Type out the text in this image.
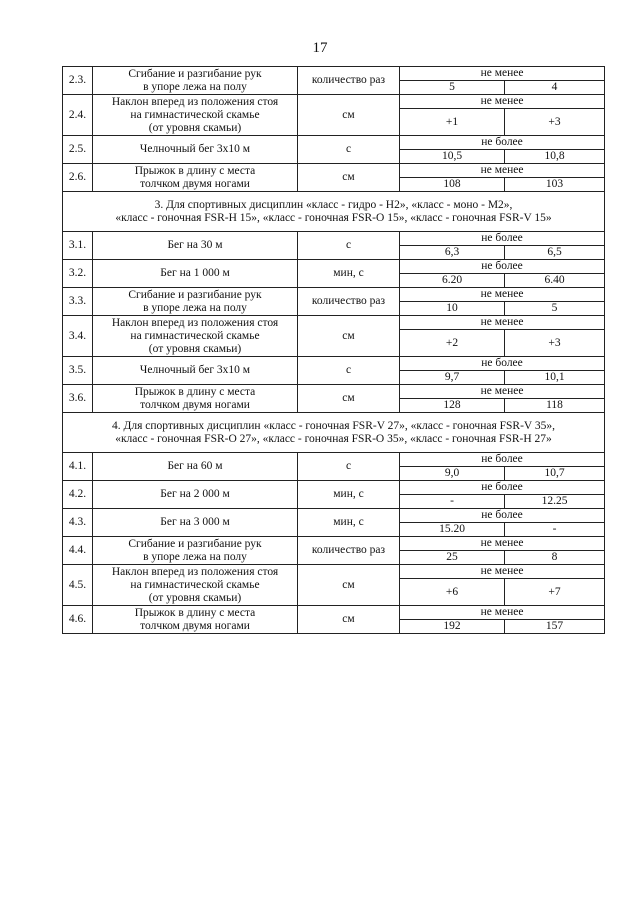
17
2.3.	Сгибание и разгибание рук
в упоре лежа на полу	количество раз	не менее	
			5	4
2.4.	Наклон вперед из положения стоя
на гимнастической скамье
(от уровня скамьи)	см	не менее	
			+1	+3
2.5.	Челночный бег 3x10 м	с	не более	
			10,5	10,8
2.6.	Прыжок в длину с места
толчком двумя ногами	см	не менее	
			108	103

3. Для спортивных дисциплин «класс - гидро - H2», «класс - моно - M2»,
«класс - гоночная FSR-H 15», «класс - гоночная FSR-O 15», «класс - гоночная FSR-V 15»				

3.1.	Бег на 30 м	с	не более	
			6,3	6,5
3.2.	Бег на 1 000 м	мин, с	не более	
			6.20	6.40
3.3.	Сгибание и разгибание рук
в упоре лежа на полу	количество раз	не менее	
			10	5
3.4.	Наклон вперед из положения стоя
на гимнастической скамье
(от уровня скамьи)	см	не менее	
			+2	+3
3.5.	Челночный бег 3x10 м	с	не более	
			9,7	10,1
3.6.	Прыжок в длину с места
толчком двумя ногами	см	не менее	
			128	118

4. Для спортивных дисциплин «класс - гоночная FSR-V 27», «класс - гоночная FSR-V 35»,
«класс - гоночная FSR-O 27», «класс - гоночная FSR-O 35», «класс - гоночная FSR-H 27»				

4.1.	Бег на 60 м	с	не более	
			9,0	10,7
4.2.	Бег на 2 000 м	мин, с	не более	
			-	12.25
4.3.	Бег на 3 000 м	мин, с	не более	
			15.20	-
4.4.	Сгибание и разгибание рук
в упоре лежа на полу	количество раз	не менее	
			25	8
4.5.	Наклон вперед из положения стоя
на гимнастической скамье
(от уровня скамьи)	см	не менее	
			+6	+7
4.6.	Прыжок в длину с места
толчком двумя ногами	см	не менее	
			192	157
